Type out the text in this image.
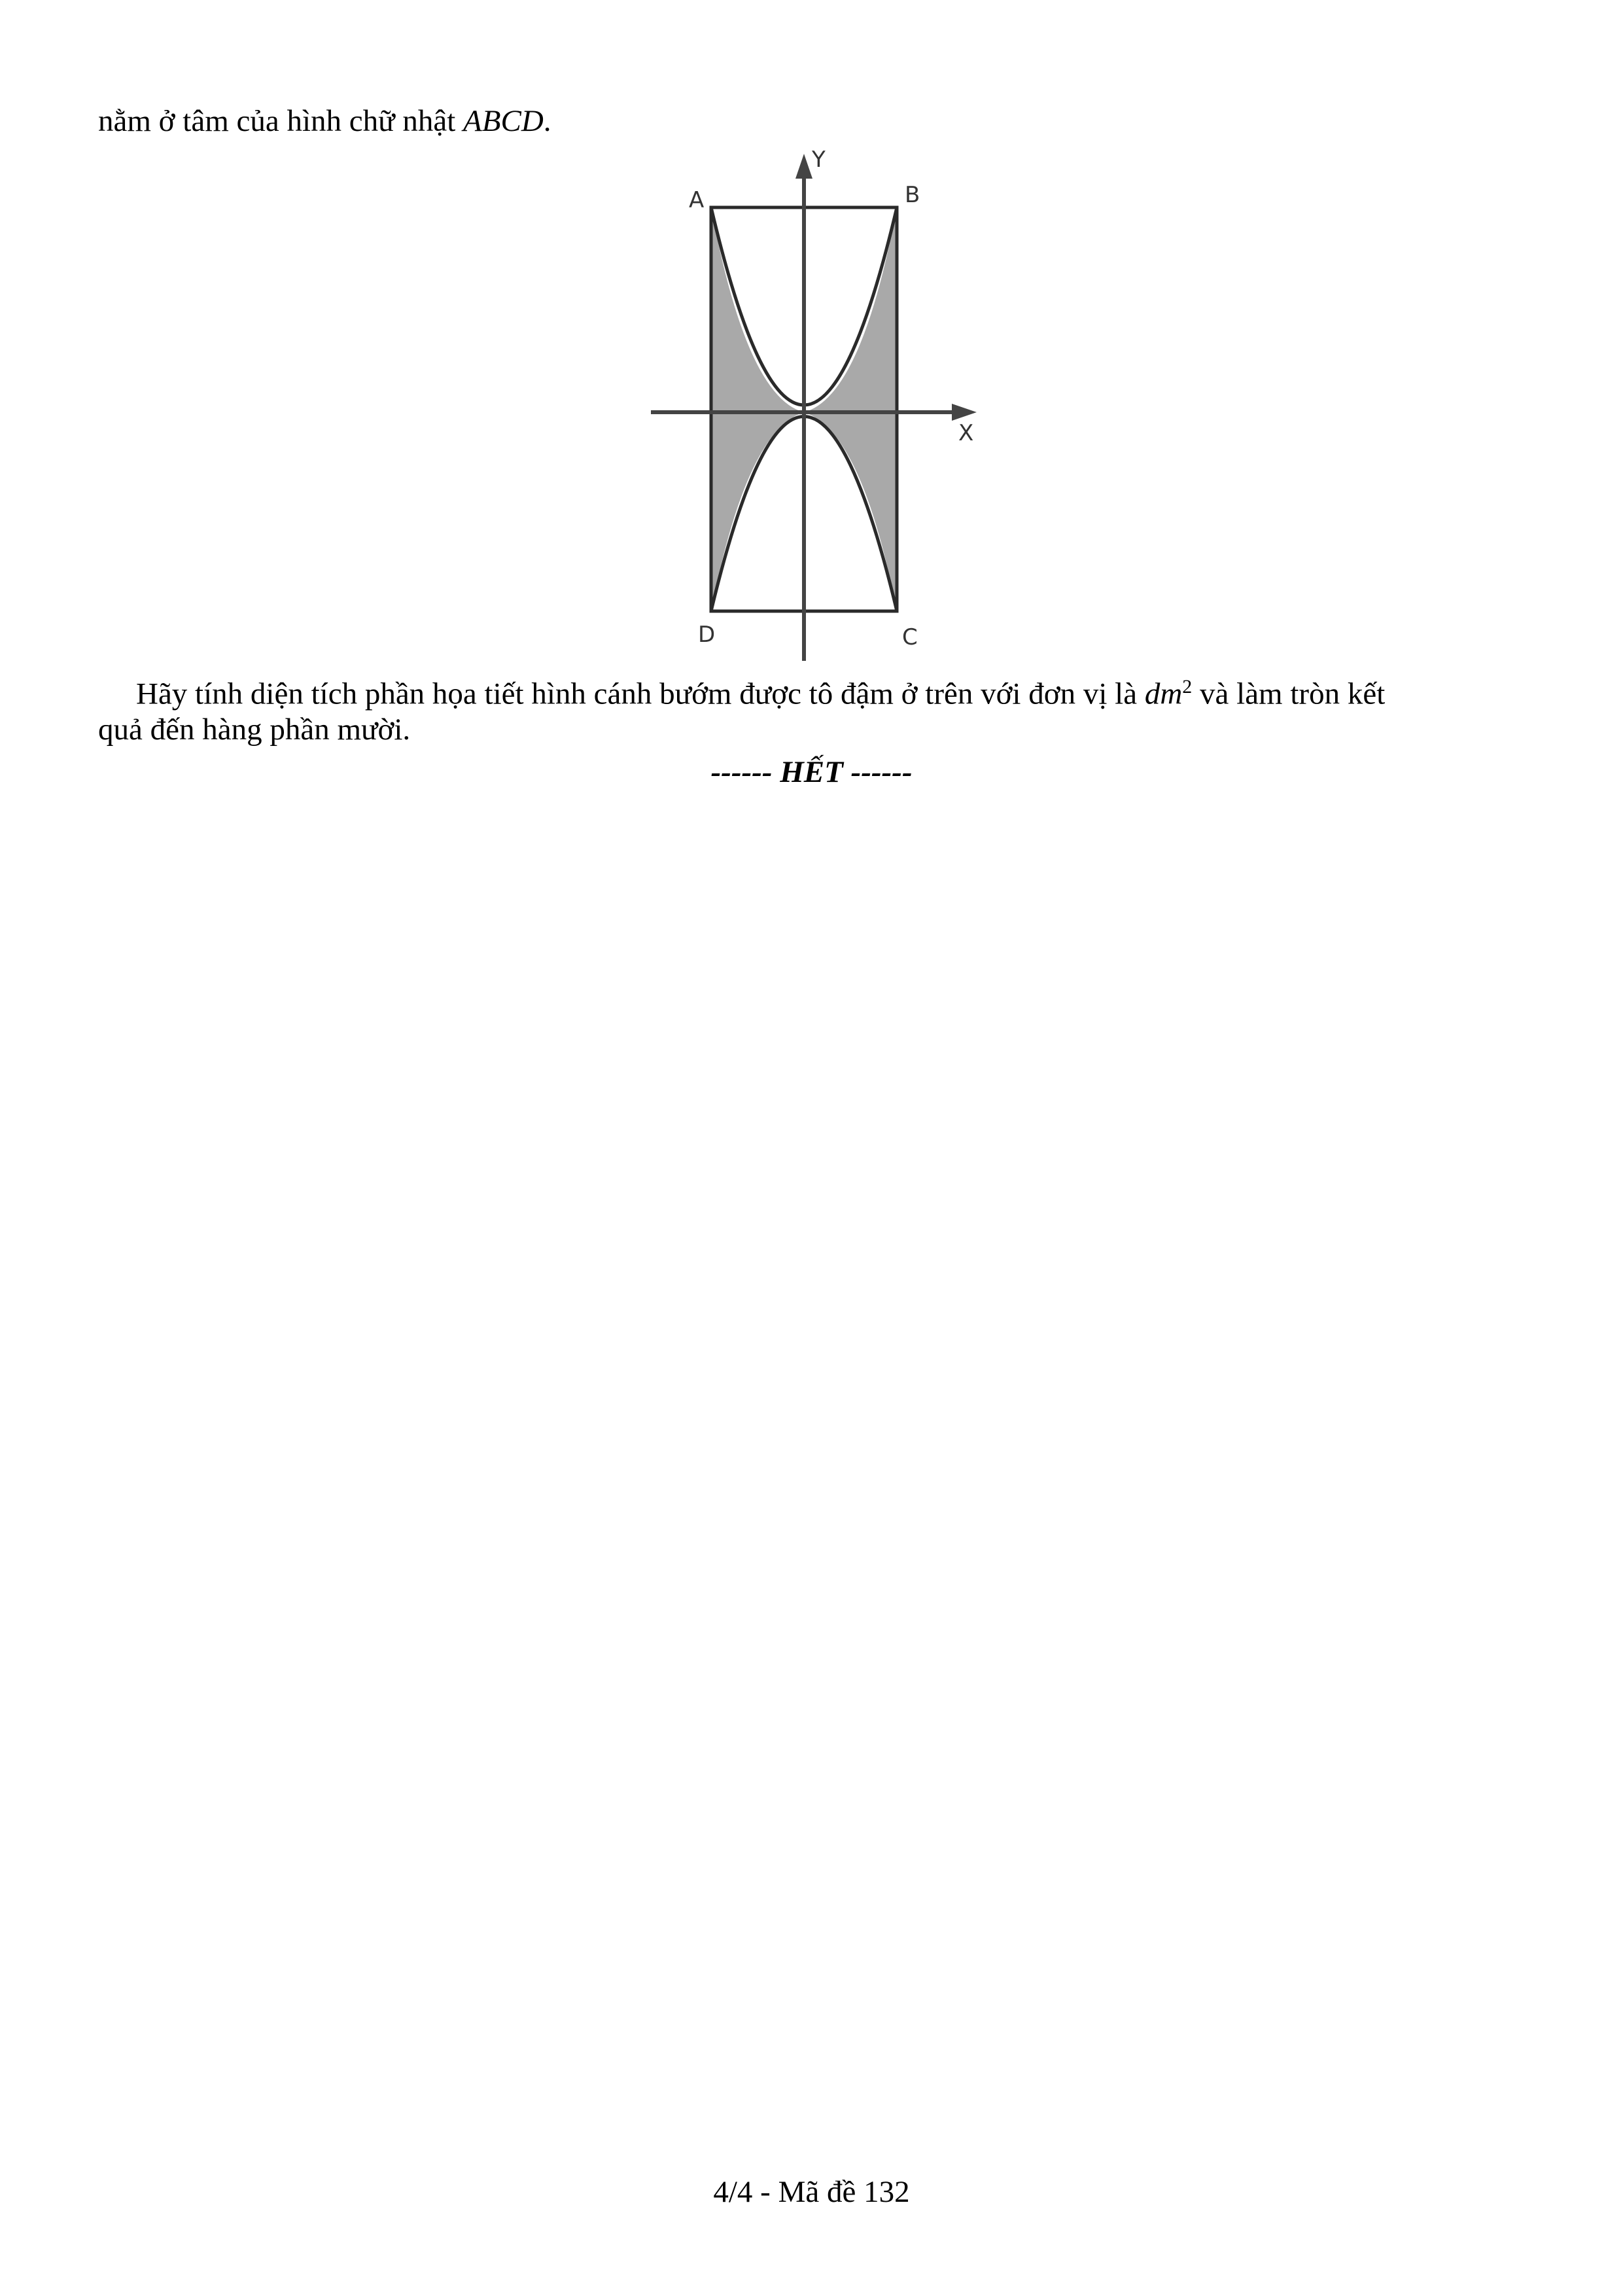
nằm ở tâm của hình chữ nhật ABCD.
A	B
C
D
X
Y
Hãy tính diện tích phần họa tiết hình cánh bướm được tô đậm ở trên với đơn vị là $dm^2$ và làm tròn kết
quả đến hàng phần mười.
------ HẾT ------
4/4 - Mã đề 132
